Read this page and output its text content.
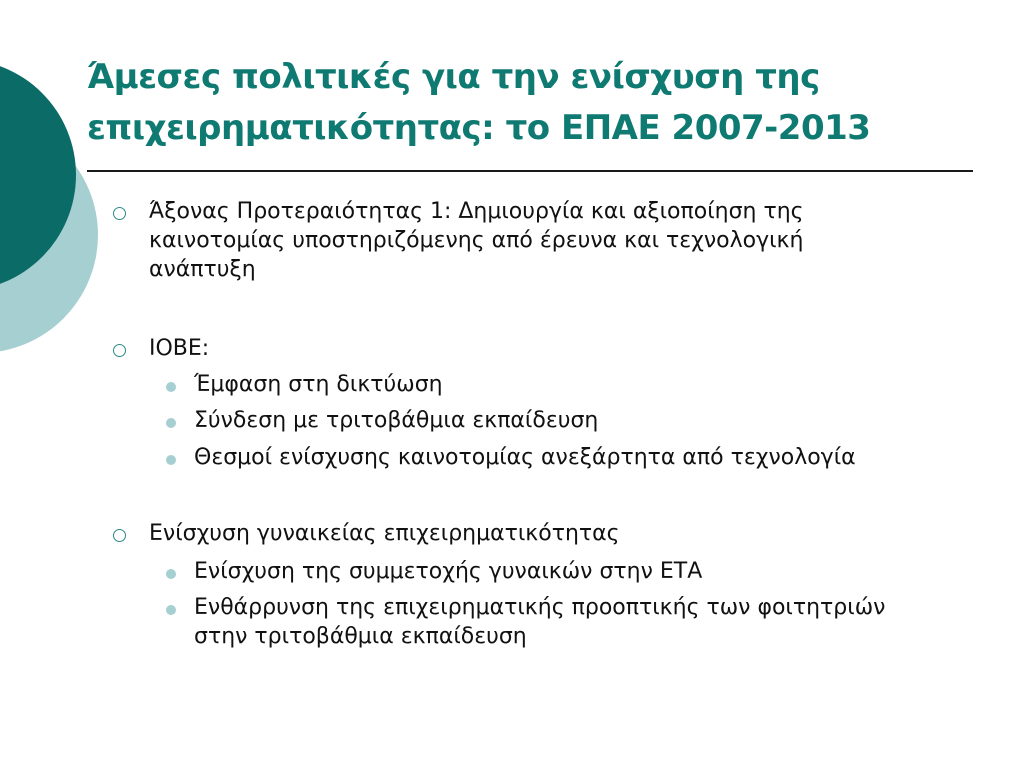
Άμεσες πολιτικές για την ενίσχυση της
επιχειρηματικότητας: το ΕΠΑΕ 2007-2013
Άξονας Προτεραιότητας 1: Δημιουργία και αξιοποίηση της
καινοτομίας υποστηριζόμενης από έρευνα και τεχνολογική
ανάπτυξη
ΙΟΒΕ:
Έμφαση στη δικτύωση
Σύνδεση με τριτοβάθμια εκπαίδευση
Θεσμοί ενίσχυσης καινοτομίας ανεξάρτητα από τεχνολογία
Ενίσχυση γυναικείας επιχειρηματικότητας
Ενίσχυση της συμμετοχής γυναικών στην ΕΤΑ
Ενθάρρυνση της επιχειρηματικής προοπτικής των φοιτητριών
στην τριτοβάθμια εκπαίδευση
